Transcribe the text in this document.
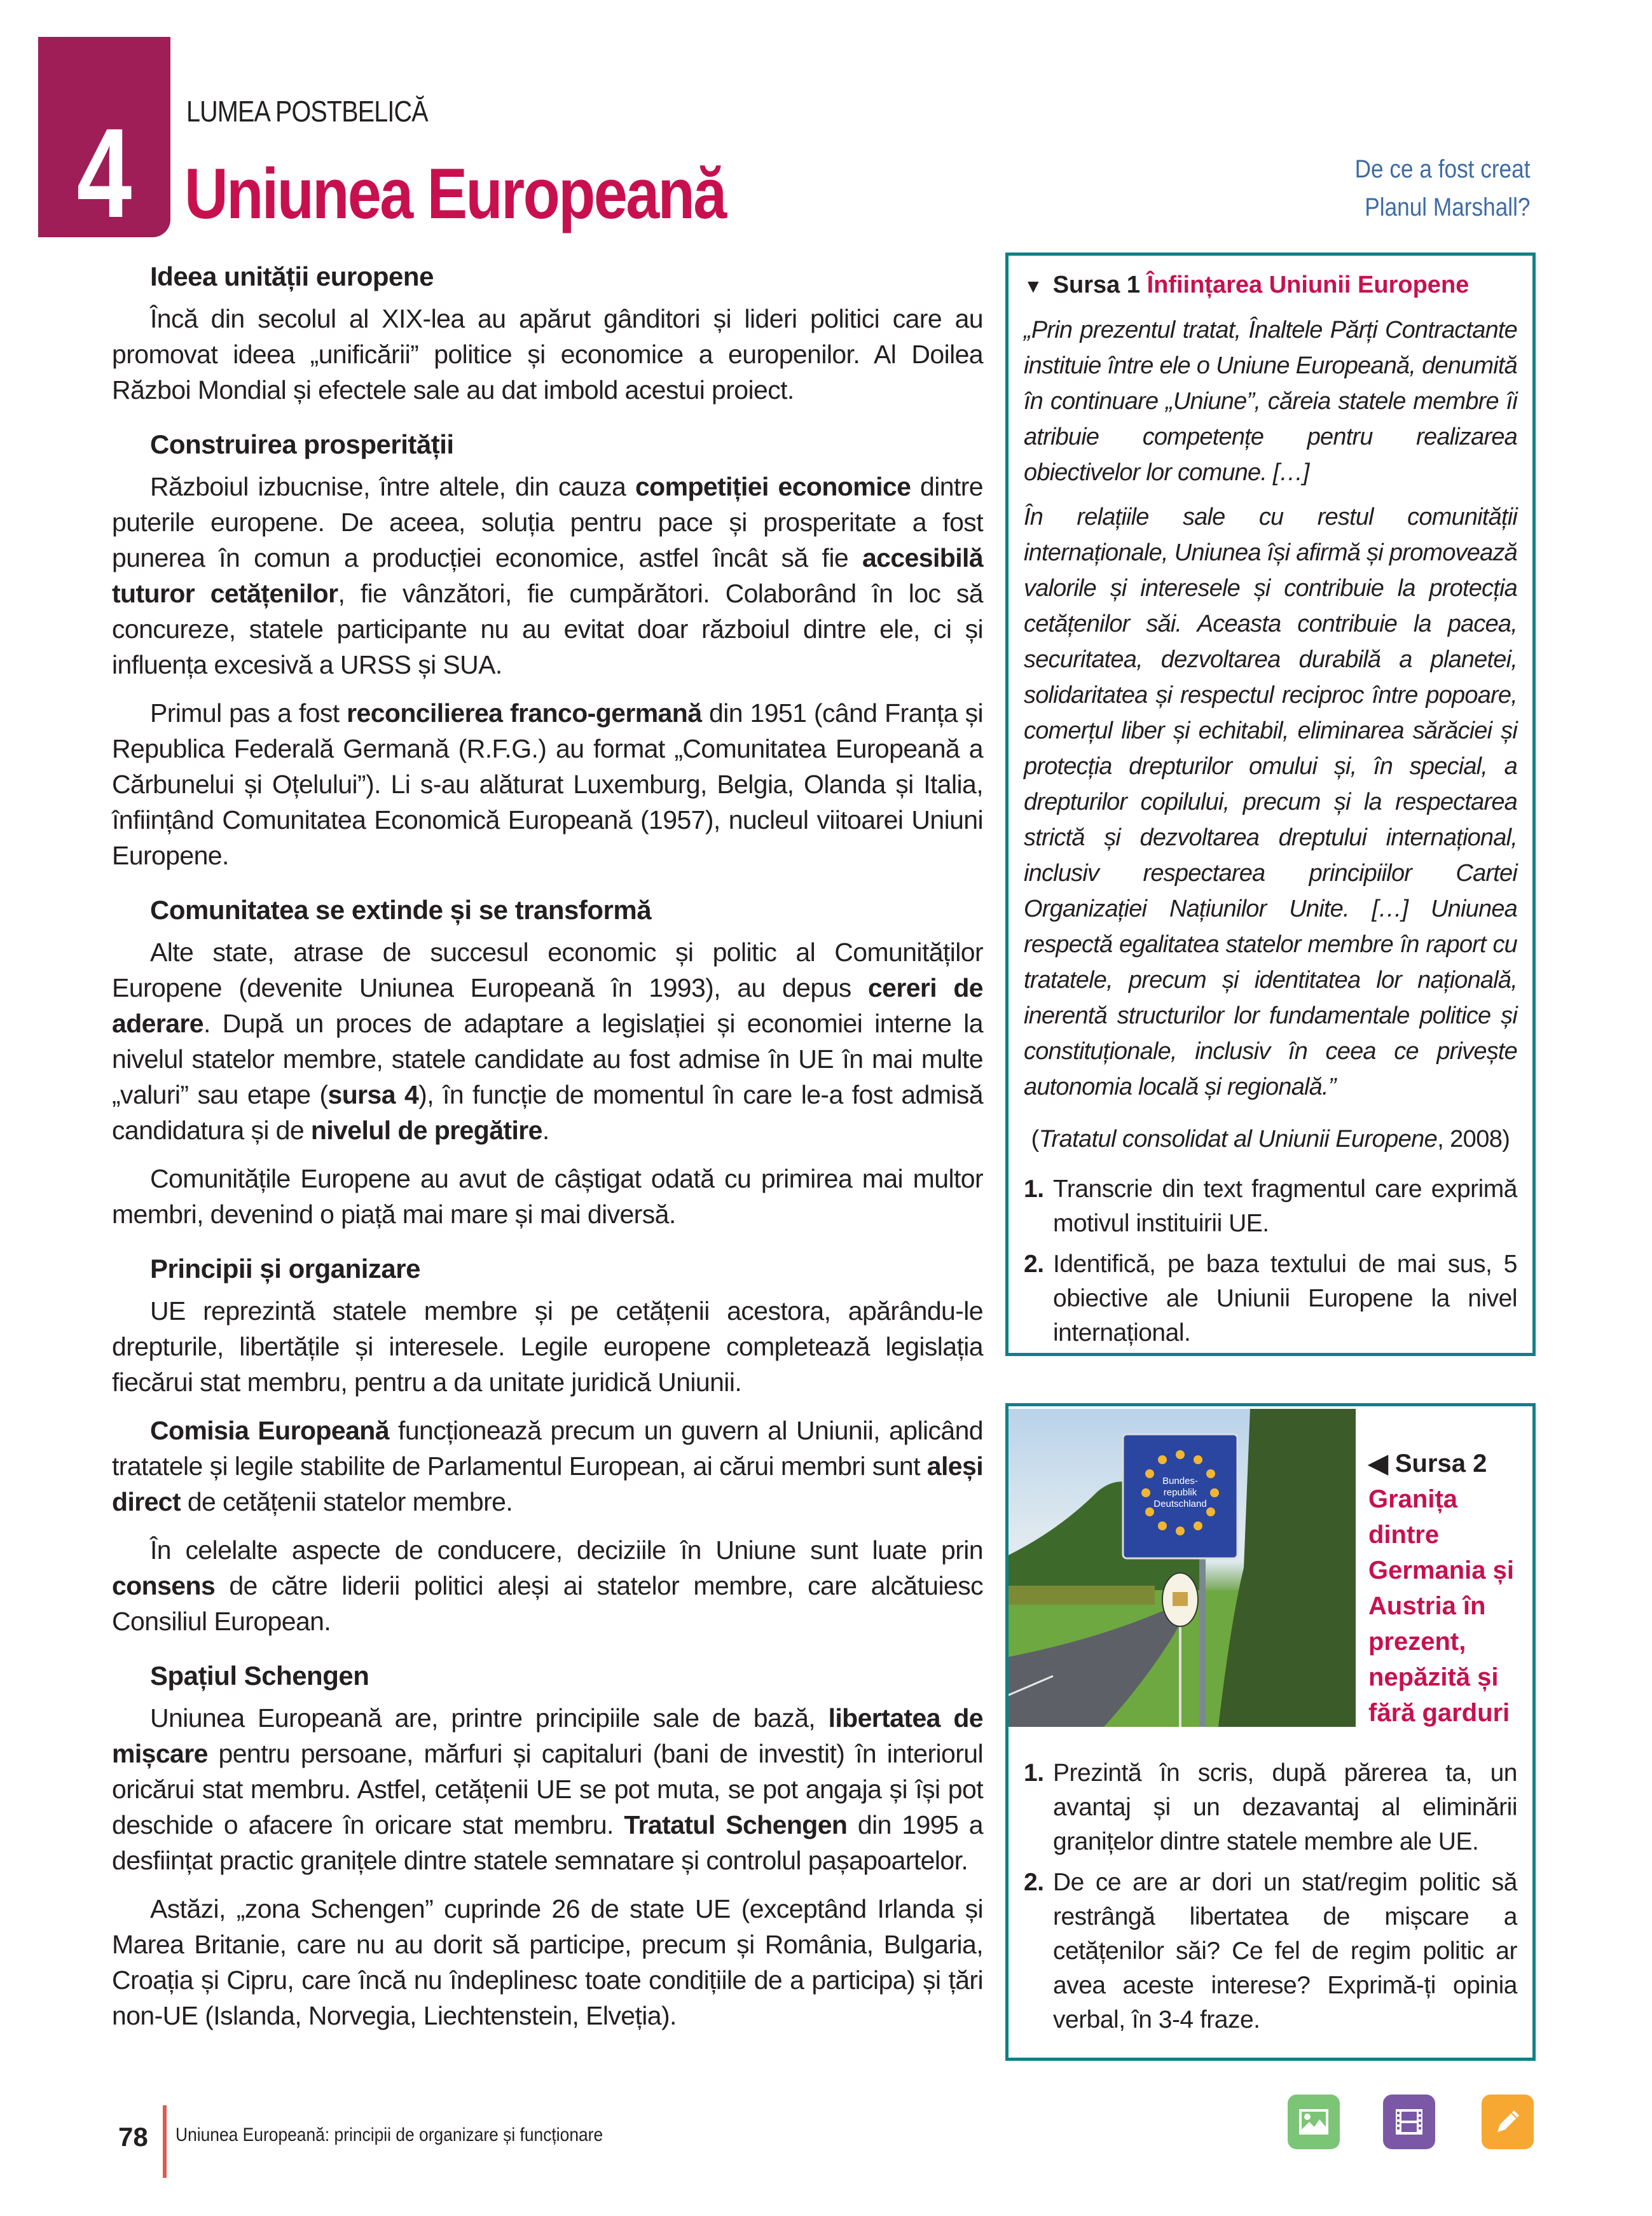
4	LUMEA POSTBELICĂ
Uniunea Europeană	De ce a fost creat
Planul Marshall?
Ideea unității europene

Încă din secolul al XIX-lea au apărut gânditori și lideri politici care au promovat ideea „unificării” politice și economice a europenilor. Al Doilea Război Mondial și efectele sale au dat imbold acestui proiect.

Construirea prosperității

Războiul izbucnise, între altele, din cauza competiției economice dintre puterile europene. De aceea, soluția pentru pace și prosperitate a fost punerea în comun a producției economice, astfel încât să fie accesibilă tuturor cetățenilor, fie vânzători, fie cumpărători. Colaborând în loc să concureze, statele participante nu au evitat doar războiul dintre ele, ci și influența excesivă a URSS și SUA.

Primul pas a fost reconcilierea franco-germană din 1951 (când Franța și Republica Federală Germană (R.F.G.) au format „Comunitatea Europeană a Cărbunelui și Oțelului”). Li s-au alăturat Luxemburg, Belgia, Olanda și Italia, înființând Comunitatea Economică Europeană (1957), nucleul viitoarei Uniuni Europene.

Comunitatea se extinde și se transformă

Alte state, atrase de succesul economic și politic al Comunităților Europene (devenite Uniunea Europeană în 1993), au depus cereri de aderare. După un proces de adaptare a legislației și economiei interne la nivelul statelor membre, statele candidate au fost admise în UE în mai multe „valuri” sau etape (sursa 4), în funcție de momentul în care le-a fost admisă candidatura și de nivelul de pregătire.

Comunitățile Europene au avut de câștigat odată cu primirea mai multor membri, devenind o piață mai mare și mai diversă.

Principii și organizare

UE reprezintă statele membre și pe cetățenii acestora, apărându-le drepturile, libertățile și interesele. Legile europene completează legislația fiecărui stat membru, pentru a da unitate juridică Uniunii.

Comisia Europeană funcționează precum un guvern al Uniunii, aplicând tratatele și legile stabilite de Parlamentul European, ai cărui membri sunt aleși direct de cetățenii statelor membre.

În celelalte aspecte de conducere, deciziile în Uniune sunt luate prin consens de către liderii politici aleși ai statelor membre, care alcătuiesc Consiliul European.

Spațiul Schengen

Uniunea Europeană are, printre principiile sale de bază, libertatea de mișcare pentru persoane, mărfuri și capitaluri (bani de investit) în interiorul oricărui stat membru. Astfel, cetățenii UE se pot muta, se pot angaja și își pot deschide o afacere în oricare stat membru. Tratatul Schengen din 1995 a desființat practic granițele dintre statele semnatare și controlul pașapoartelor.

Astăzi, „zona Schengen” cuprinde 26 de state UE (exceptând Irlanda și Marea Britanie, care nu au dorit să participe, precum și România, Bulgaria, Croația și Cipru, care încă nu îndeplinesc toate condițiile de a participa) și țări non-UE (Islanda, Norvegia, Liechtenstein, Elveția).

▼ Sursa 1 Înființarea Uniunii Europene

„Prin prezentul tratat, Înaltele Părți Contractante instituie între ele o Uniune Europeană, denumită în continuare „Uniune”, căreia statele membre îi atribuie competențe pentru realizarea obiectivelor lor comune. […]

În relațiile sale cu restul comunității internaționale, Uniunea își afirmă și promovează valorile și interesele și contribuie la protecția cetățenilor săi. Aceasta contribuie la pacea, securitatea, dezvoltarea durabilă a planetei, solidaritatea și respectul reciproc între popoare, comerțul liber și echitabil, eliminarea sărăciei și protecția drepturilor omului și, în special, a drepturilor copilului, precum și la respectarea strictă și dezvoltarea dreptului internațional, inclusiv respectarea principiilor Cartei Organizației Națiunilor Unite. […] Uniunea respectă egalitatea statelor membre în raport cu tratatele, precum și identitatea lor națională, inerentă structurilor lor fundamentale politice și constituționale, inclusiv în ceea ce privește autonomia locală și regională.”

(Tratatul consolidat al Uniunii Europene, 2008)
1. Transcrie din text fragmentul care exprimă motivul instituirii UE.
2. Identifică, pe baza textului de mai sus, 5 obiective ale Uniunii Europene la nivel internațional.
Bundes-
republik
Deutschland
◀ Sursa 2
Granița dintre Germania și Austria în prezent, nepăzită și fără garduri
1. Prezintă în scris, după părerea ta, un avantaj și un dezavantaj al eliminării granițelor dintre statele membre ale UE.
2. De ce are ar dori un stat/regim politic să restrângă libertatea de mișcare a cetățenilor săi? Ce fel de regim politic ar avea aceste interese? Exprimă-ți opinia verbal, în 3-4 fraze.
78 Uniunea Europeană: principii de organizare și funcționare
